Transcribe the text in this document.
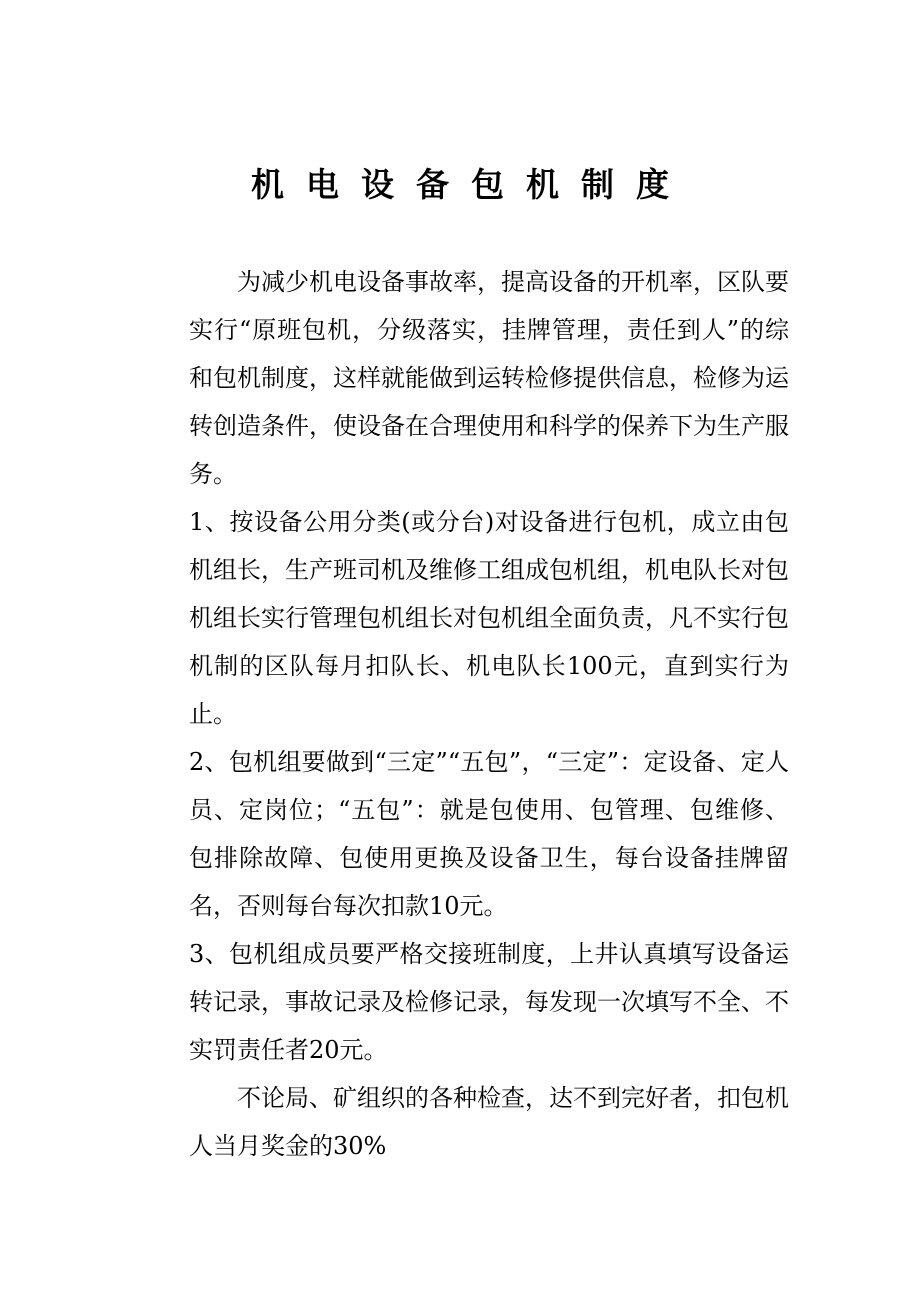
机电设备包机制度

为减少机电设备事故率，提高设备的开机率，区队要实行“原班包机，分级落实，挂牌管理，责任到人”的综和包机制度，这样就能做到运转检修提供信息，检修为运转创造条件，使设备在合理使用和科学的保养下为生产服务。

1、按设备公用分类(或分台)对设备进行包机，成立由包机组长，生产班司机及维修工组成包机组，机电队长对包机组长实行管理包机组长对包机组全面负责，凡不实行包机制的区队每月扣队长、机电队长100元，直到实行为止。

2、包机组要做到“三定”“五包”，“三定”：定设备、定人员、定岗位；“五包”：就是包使用、包管理、包维修、包排除故障、包使用更换及设备卫生，每台设备挂牌留名，否则每台每次扣款10元。

3、包机组成员要严格交接班制度，上井认真填写设备运转记录，事故记录及检修记录，每发现一次填写不全、不实罚责任者20元。

不论局、矿组织的各种检查，达不到完好者，扣包机人当月奖金的30%
